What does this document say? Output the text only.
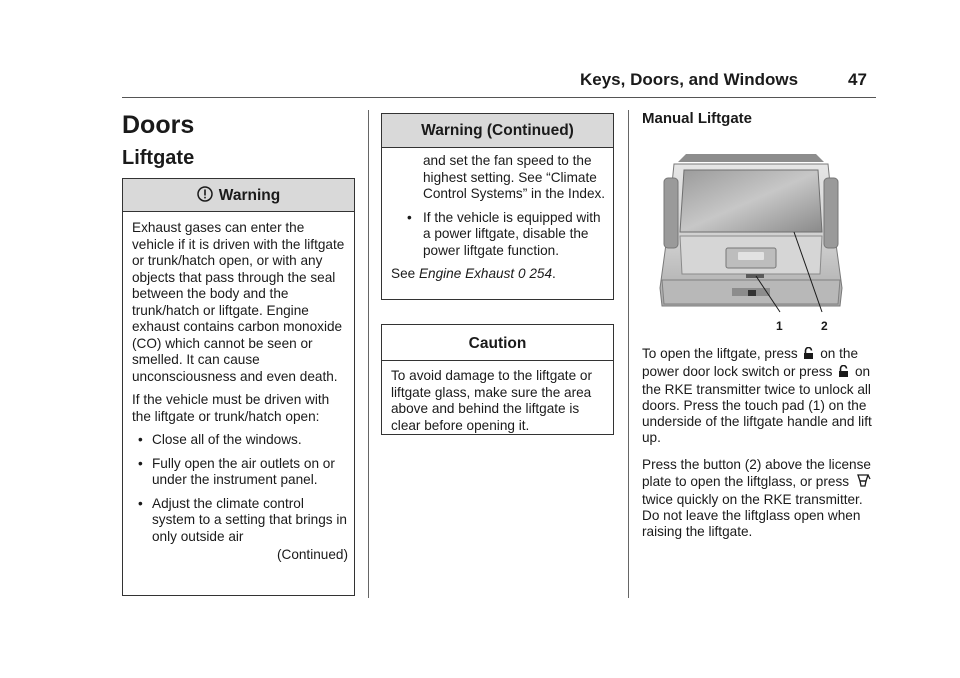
Keys, Doors, and Windows	47
Doors
Liftgate
Warning

Exhaust gases can enter the vehicle if it is driven with the liftgate or trunk/hatch open, or with any objects that pass through the seal between the body and the trunk/hatch or liftgate. Engine exhaust contains carbon monoxide (CO) which cannot be seen or smelled. It can cause unconsciousness and even death.

If the vehicle must be driven with the liftgate or trunk/hatch open:

• Close all of the windows.
• Fully open the air outlets on or under the instrument panel.
• Adjust the climate control system to a setting that brings in only outside air
(Continued)
Warning (Continued)

and set the fan speed to the highest setting. See “Climate Control Systems” in the Index.

• If the vehicle is equipped with a power liftgate, disable the power liftgate function.

See Engine Exhaust 0 254.

Caution

To avoid damage to the liftgate or liftgate glass, make sure the area above and behind the liftgate is clear before opening it.

Manual Liftgate
1	2

To open the liftgate, press on the power door lock switch or press on the RKE transmitter twice to unlock all doors. Press the touch pad (1) on the underside of the liftgate handle and lift up.

Press the button (2) above the license plate to open the liftglass, or press  twice quickly on the RKE transmitter. Do not leave the liftglass open when raising the liftgate.
